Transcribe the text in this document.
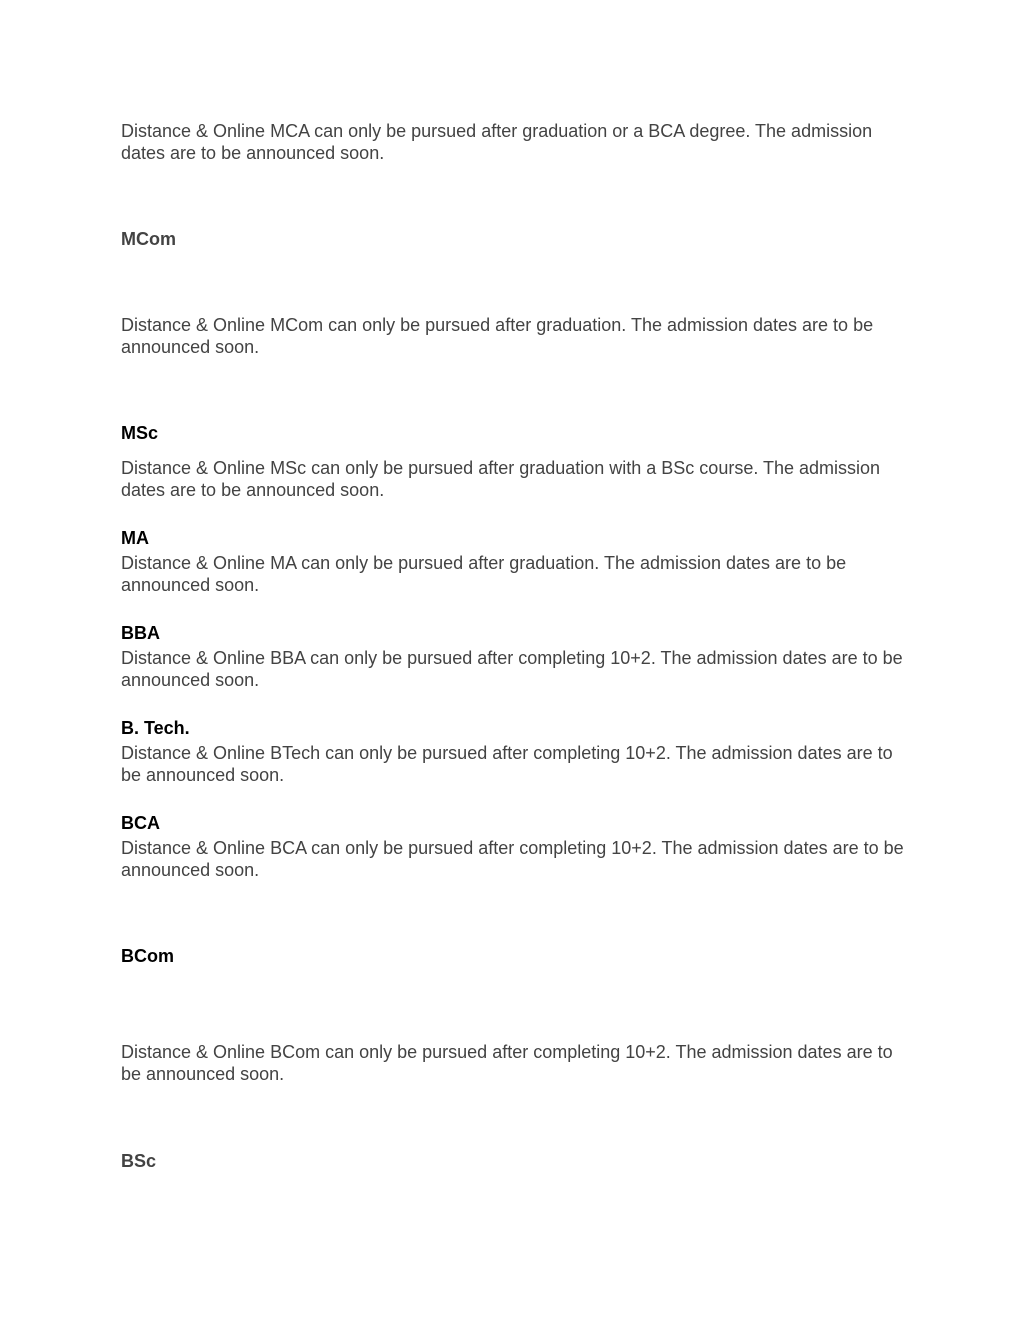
Distance & Online MCA can only be pursued after graduation or a BCA degree. The admission dates are to be announced soon.

MCom

Distance & Online MCom can only be pursued after graduation. The admission dates are to be announced soon.

MSc

Distance & Online MSc can only be pursued after graduation with a BSc course. The admission dates are to be announced soon.

MA

Distance & Online MA can only be pursued after graduation. The admission dates are to be announced soon.

BBA

Distance & Online BBA can only be pursued after completing 10+2. The admission dates are to be announced soon.

B. Tech.

Distance & Online BTech can only be pursued after completing 10+2. The admission dates are to be announced soon.

BCA

Distance & Online BCA can only be pursued after completing 10+2. The admission dates are to be announced soon.

BCom

Distance & Online BCom can only be pursued after completing 10+2. The admission dates are to be announced soon.

BSc
